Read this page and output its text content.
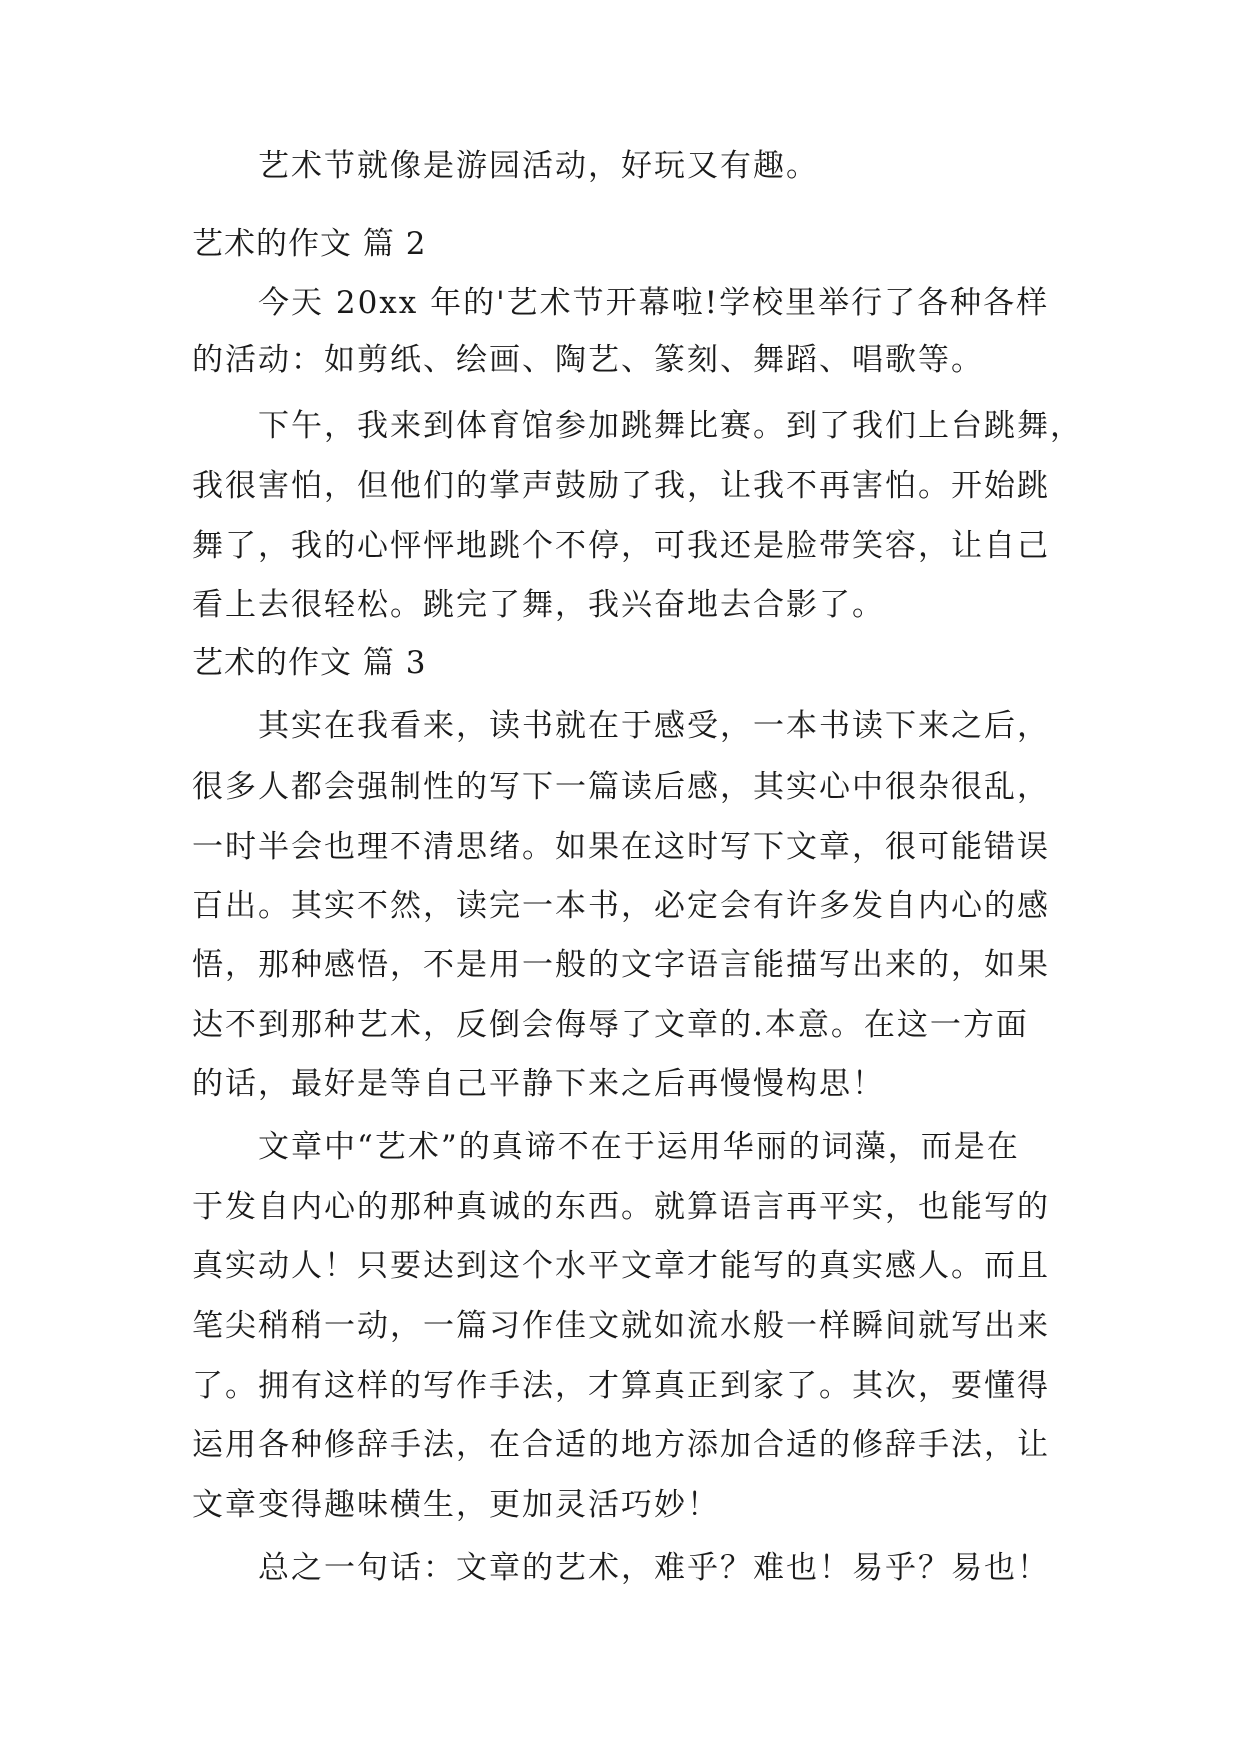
艺术节就像是游园活动，好玩又有趣。

艺术的作文 篇 2

今天 20xx 年的'艺术节开幕啦!学校里举行了各种各样

的活动：如剪纸、绘画、陶艺、篆刻、舞蹈、唱歌等。

下午，我来到体育馆参加跳舞比赛。到了我们上台跳舞，

我很害怕，但他们的掌声鼓励了我，让我不再害怕。开始跳

舞了，我的心怦怦地跳个不停，可我还是脸带笑容，让自己

看上去很轻松。跳完了舞，我兴奋地去合影了。

艺术的作文 篇 3

其实在我看来，读书就在于感受，一本书读下来之后，

很多人都会强制性的写下一篇读后感，其实心中很杂很乱，

一时半会也理不清思绪。如果在这时写下文章，很可能错误

百出。其实不然，读完一本书，必定会有许多发自内心的感

悟，那种感悟，不是用一般的文字语言能描写出来的，如果

达不到那种艺术，反倒会侮辱了文章的.本意。在这一方面

的话，最好是等自己平静下来之后再慢慢构思！

文章中“艺术”的真谛不在于运用华丽的词藻，而是在

于发自内心的那种真诚的东西。就算语言再平实，也能写的

真实动人！只要达到这个水平文章才能写的真实感人。而且

笔尖稍稍一动，一篇习作佳文就如流水般一样瞬间就写出来

了。拥有这样的写作手法，才算真正到家了。其次，要懂得

运用各种修辞手法，在合适的地方添加合适的修辞手法，让

文章变得趣味横生，更加灵活巧妙！

总之一句话：文章的艺术，难乎？难也！易乎？易也！
